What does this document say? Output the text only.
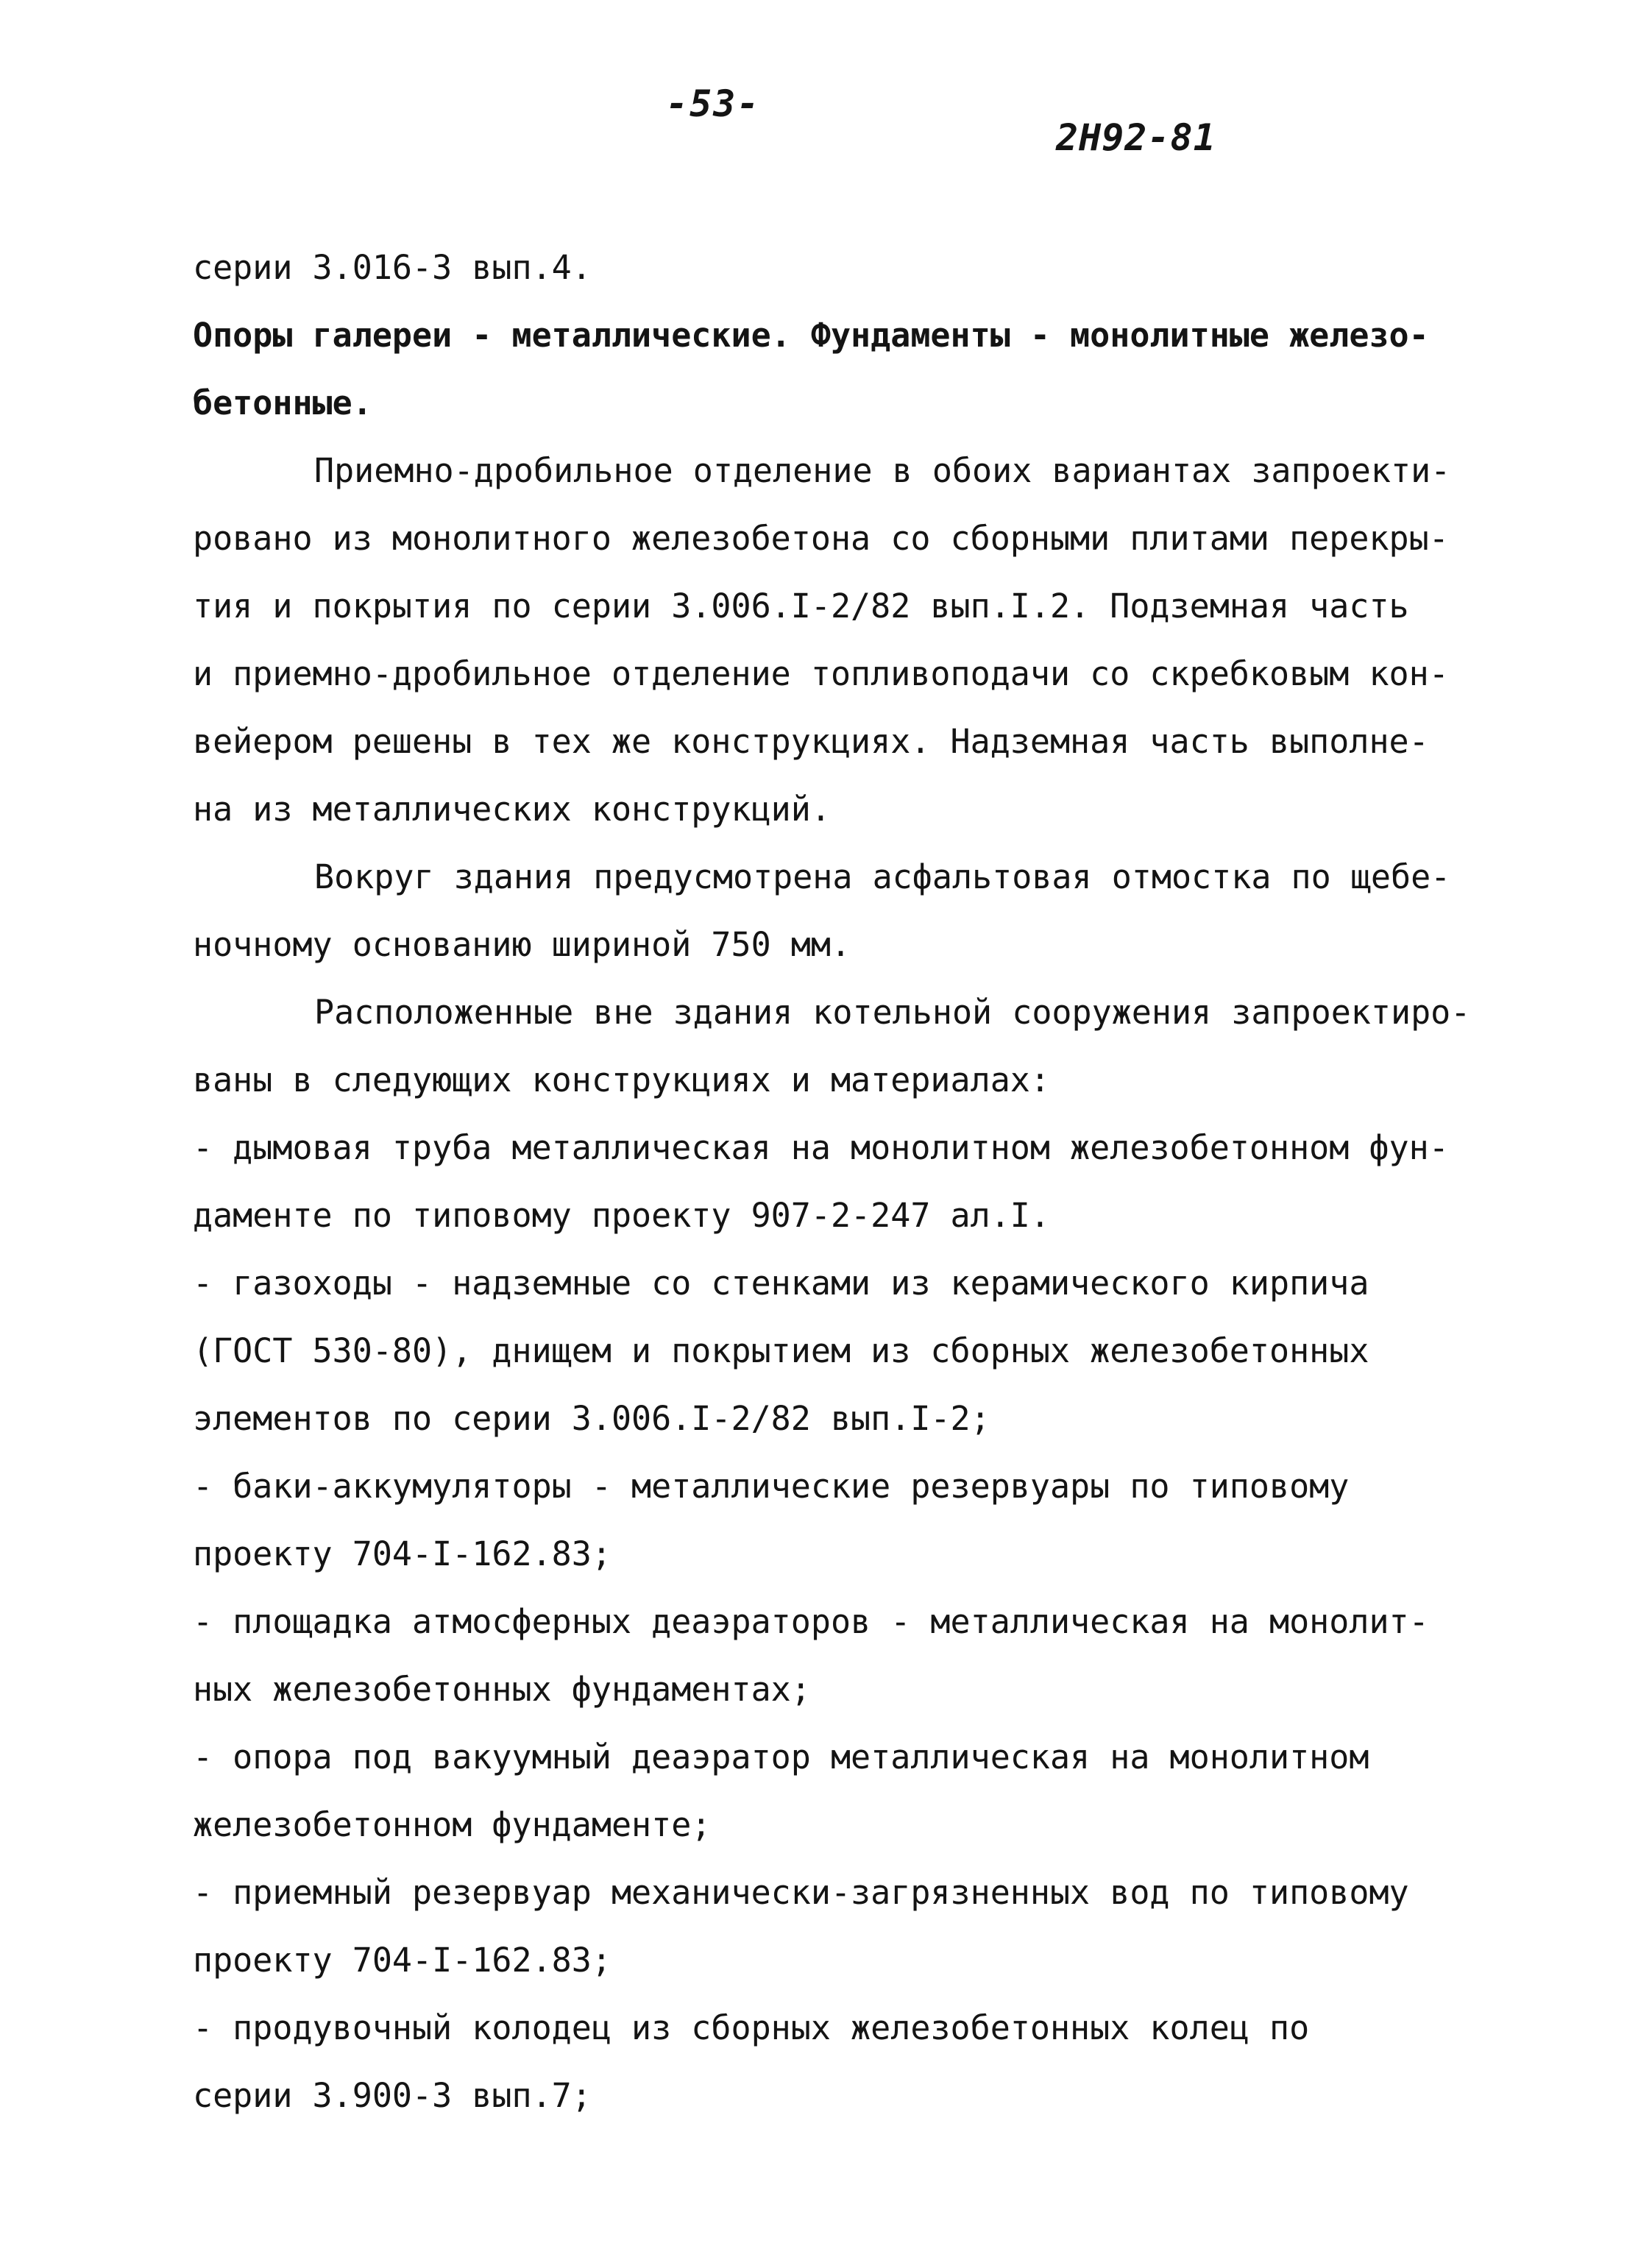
-53-
2Н92-81
серии 3.016-3 вып.4.
Опоры галереи - металлические. Фундаменты - монолитные железо-
бетонные.
Приемно-дробильное отделение в обоих вариантах запроекти-
ровано из монолитного железобетона со сборными плитами перекры-
тия и покрытия по серии 3.006.I-2/82 вып.I.2. Подземная часть
и приемно-дробильное отделение топливоподачи со скребковым кон-
вейером решены в тех же конструкциях. Надземная часть выполне-
на из металлических конструкций.
Вокруг здания предусмотрена асфальтовая отмостка по щебе-
ночному основанию шириной 750 мм.
Расположенные вне здания котельной сооружения запроектиро-
ваны в следующих конструкциях и материалах:
- дымовая труба металлическая на монолитном железобетонном фун-
даменте по типовому проекту 907-2-247 ал.I.
- газоходы - надземные со стенками из керамического кирпича
(ГОСТ 530-80), днищем и покрытием из сборных железобетонных
элементов по серии 3.006.I-2/82 вып.I-2;
- баки-аккумуляторы - металлические резервуары по типовому
проекту 704-I-162.83;
- площадка атмосферных деаэраторов - металлическая на монолит-
ных железобетонных фундаментах;
- опора под вакуумный деаэратор металлическая на монолитном
железобетонном фундаменте;
- приемный резервуар механически-загрязненных вод по типовому
проекту 704-I-162.83;
- продувочный колодец из сборных железобетонных колец по
серии 3.900-3 вып.7;
